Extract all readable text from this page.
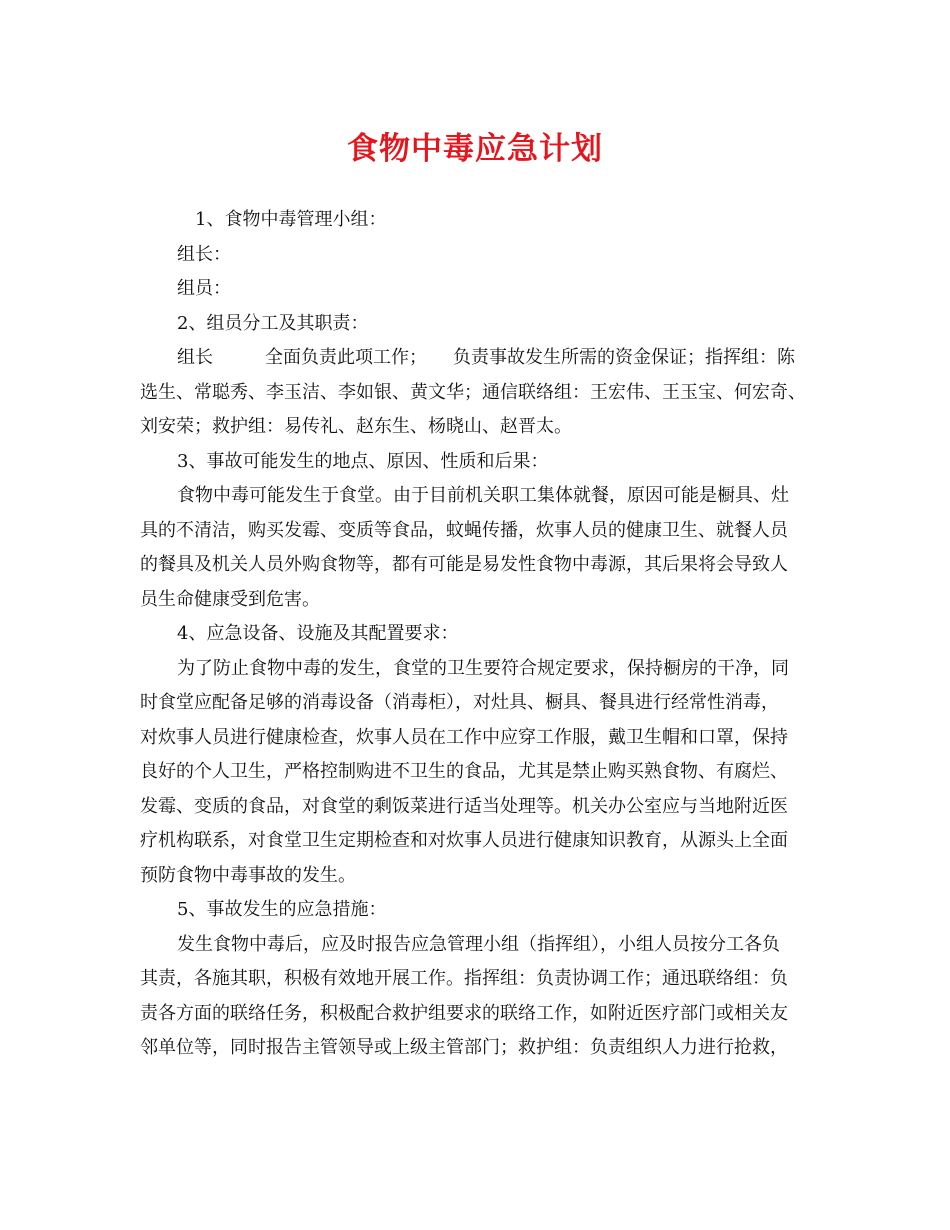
食物中毒应急计划
1、食物中毒管理小组：
组长：
组员：
2、组员分工及其职责：
组长	全面负责此项工作； 负责事故发生所需的资金保证；指挥组：陈
选生、常聪秀、李玉洁、李如银、黄文华；通信联络组：王宏伟、王玉宝、何宏奇、
刘安荣；救护组：易传礼、赵东生、杨晓山、赵晋太。
3、事故可能发生的地点、原因、性质和后果：
食物中毒可能发生于食堂。由于目前机关职工集体就餐，原因可能是橱具、灶
具的不清洁，购买发霉、变质等食品，蚊蝇传播，炊事人员的健康卫生、就餐人员
的餐具及机关人员外购食物等，都有可能是易发性食物中毒源，其后果将会导致人
员生命健康受到危害。
4、应急设备、设施及其配置要求：
为了防止食物中毒的发生，食堂的卫生要符合规定要求，保持橱房的干净，同
时食堂应配备足够的消毒设备（消毒柜），对灶具、橱具、餐具进行经常性消毒，
对炊事人员进行健康检查，炊事人员在工作中应穿工作服，戴卫生帽和口罩，保持
良好的个人卫生，严格控制购进不卫生的食品，尤其是禁止购买熟食物、有腐烂、
发霉、变质的食品，对食堂的剩饭菜进行适当处理等。机关办公室应与当地附近医
疗机构联系，对食堂卫生定期检查和对炊事人员进行健康知识教育，从源头上全面
预防食物中毒事故的发生。
5、事故发生的应急措施：
发生食物中毒后，应及时报告应急管理小组（指挥组），小组人员按分工各负
其责，各施其职，积极有效地开展工作。指挥组：负责协调工作；通迅联络组：负
责各方面的联络任务，积极配合救护组要求的联络工作，如附近医疗部门或相关友
邻单位等，同时报告主管领导或上级主管部门；救护组：负责组织人力进行抢救，
